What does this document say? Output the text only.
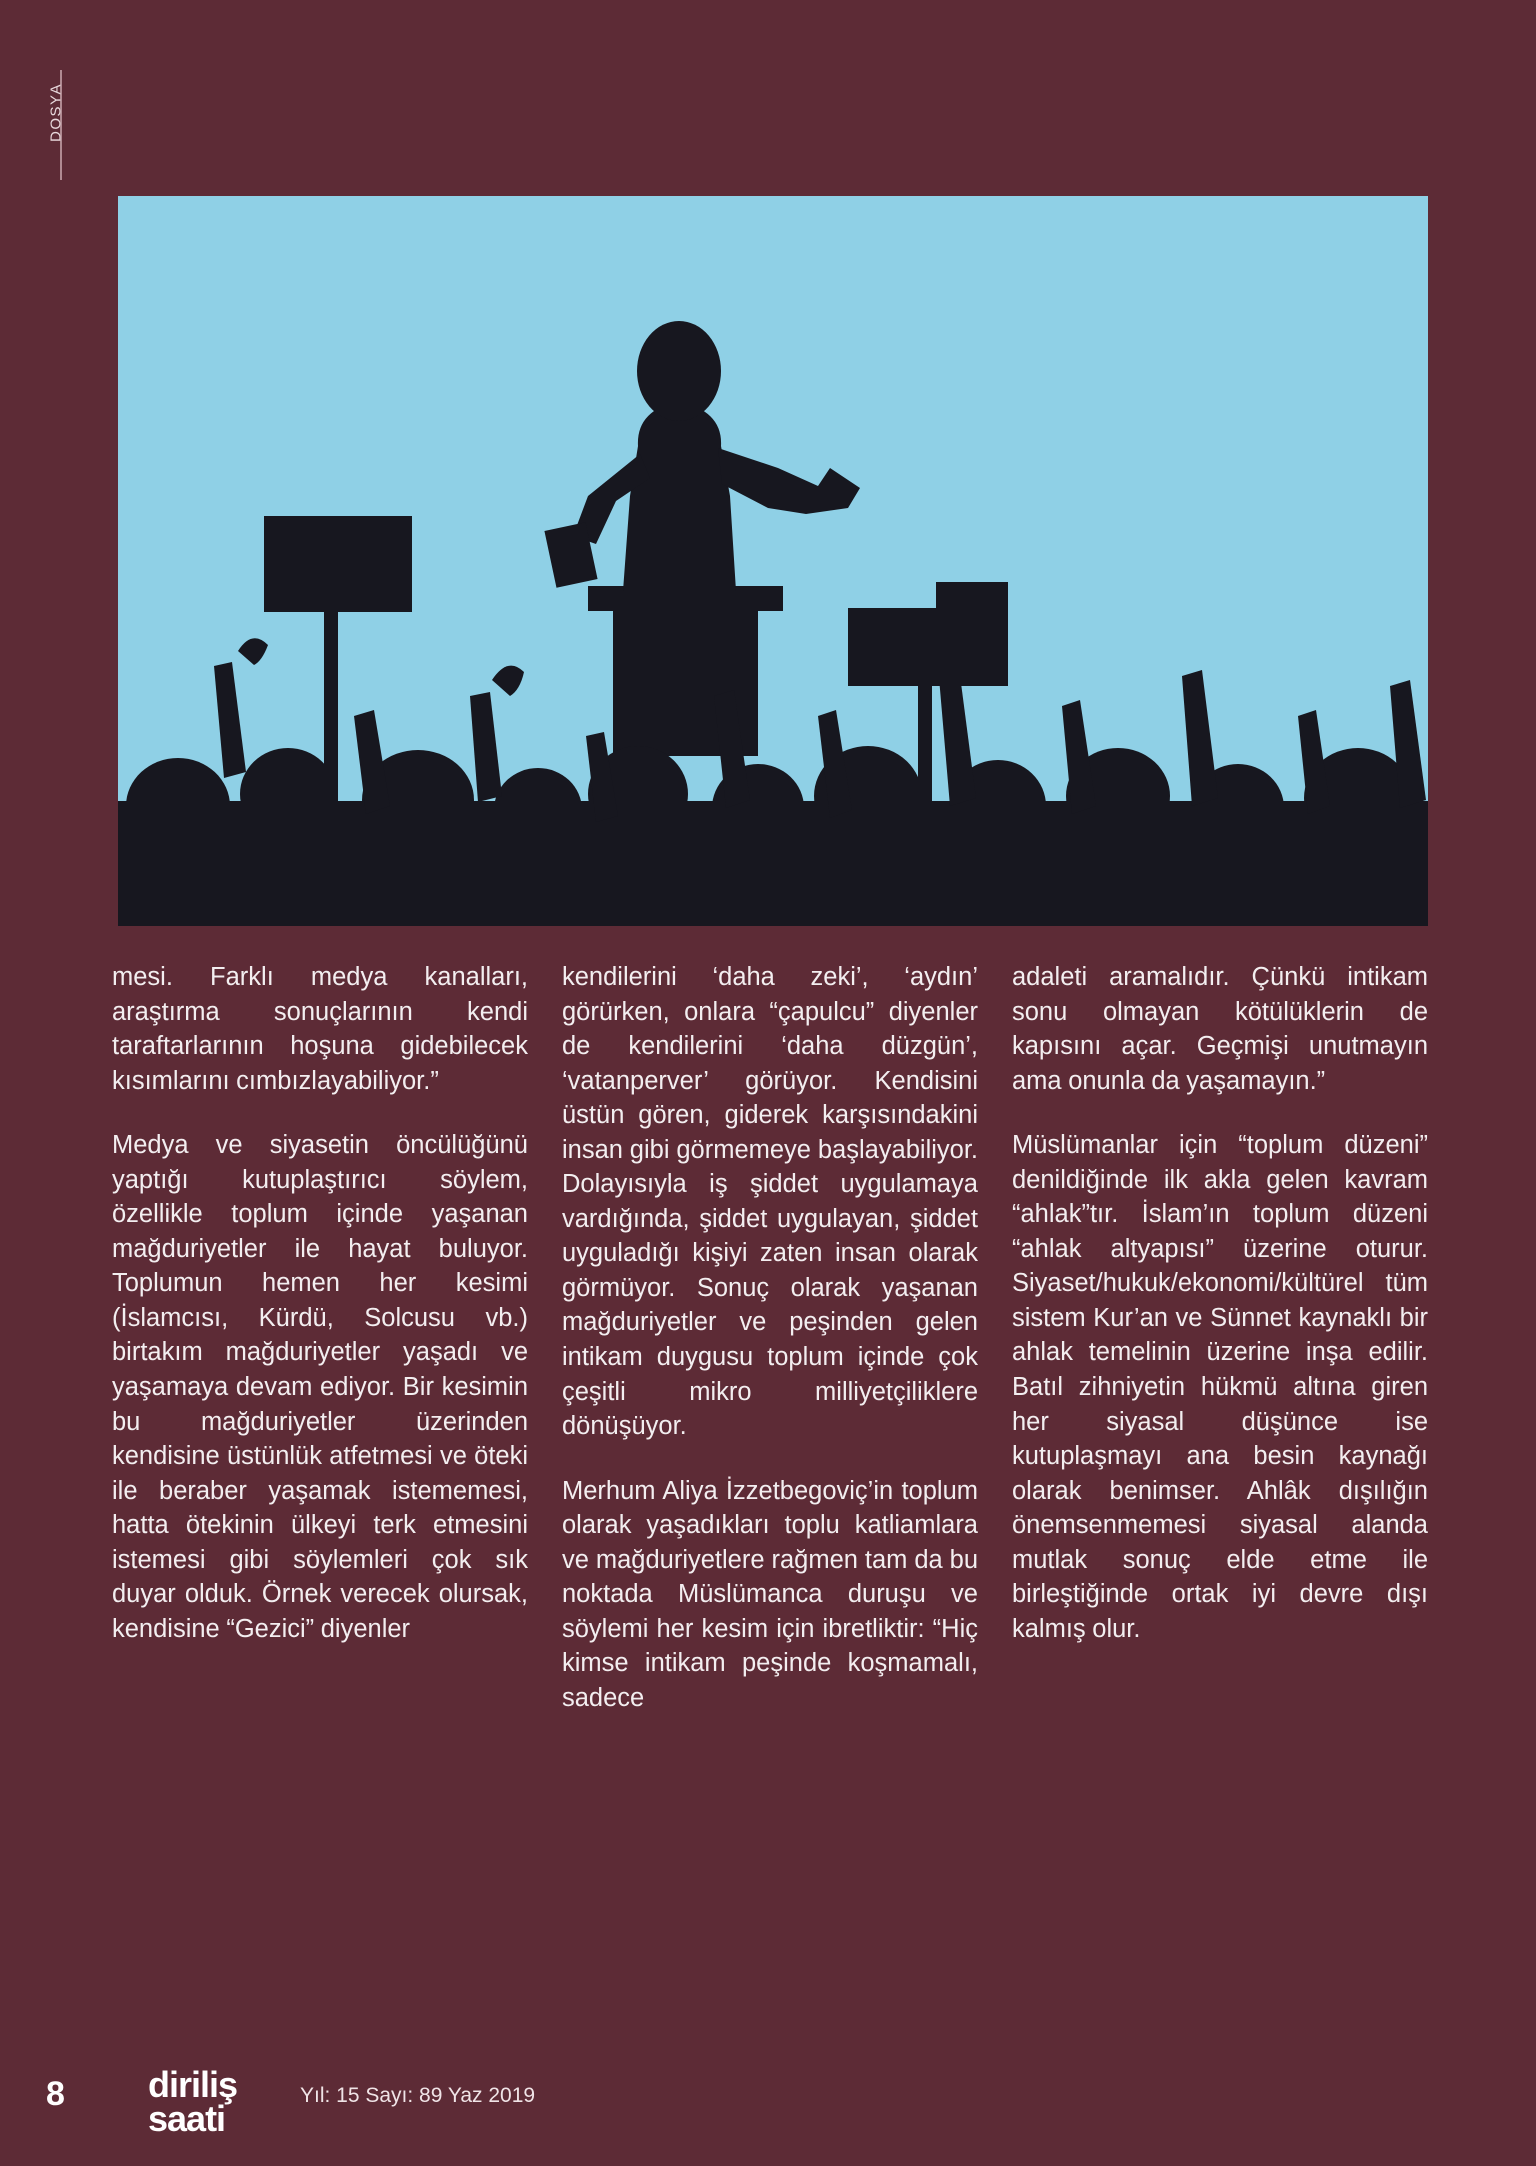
DOSYA

mesi. Farklı medya kanalları, araştırma sonuçlarının kendi taraftarlarının hoşuna gidebilecek kısımlarını cımbızlayabiliyor.”

Medya ve siyasetin öncülüğünü yaptığı kutuplaştırıcı söylem, özellikle toplum içinde yaşanan mağduriyetler ile hayat buluyor. Toplumun hemen her kesimi (İslamcısı, Kürdü, Solcusu vb.) birtakım mağduriyetler yaşadı ve yaşamaya devam ediyor. Bir kesimin bu mağduriyetler üzerinden kendisine üstünlük atfetmesi ve öteki ile beraber yaşamak istememesi, hatta ötekinin ülkeyi terk etmesini istemesi gibi söylemleri çok sık duyar olduk. Örnek verecek olursak, kendisine “Gezici” diyenler

kendilerini ‘daha zeki’, ‘aydın’ görürken, onlara “çapulcu” diyenler de kendilerini ‘daha düzgün’, ‘vatanperver’ görüyor. Kendisini üstün gören, giderek karşısındakini insan gibi görmemeye başlayabiliyor. Dolayısıyla iş şiddet uygulamaya vardığında, şiddet uygulayan, şiddet uyguladığı kişiyi zaten insan olarak görmüyor. Sonuç olarak yaşanan mağduriyetler ve peşinden gelen intikam duygusu toplum içinde çok çeşitli mikro milliyetçiliklere dönüşüyor.

Merhum Aliya İzzetbegoviç’in toplum olarak yaşadıkları toplu katliamlara ve mağduriyetlere rağmen tam da bu noktada Müslümanca duruşu ve söylemi her kesim için ibretliktir: “Hiç kimse intikam peşinde koşmamalı, sadece

adaleti aramalıdır. Çünkü intikam sonu olmayan kötülüklerin de kapısını açar. Geçmişi unutmayın ama onunla da yaşamayın.”

Müslümanlar için “toplum düzeni” denildiğinde ilk akla gelen kavram “ahlak”tır. İslam’ın toplum düzeni “ahlak altyapısı” üzerine oturur. Siyaset/hukuk/ekonomi/kültürel tüm sistem Kur’an ve Sünnet kaynaklı bir ahlak temelinin üzerine inşa edilir. Batıl zihniyetin hükmü altına giren her siyasal düşünce ise kutuplaşmayı ana besin kaynağı olarak benimser. Ahlâk dışılığın önemsenmemesi siyasal alanda mutlak sonuç elde etme ile birleştiğinde ortak iyi devre dışı kalmış olur.

8 diriliş
saati
Yıl: 15 Sayı: 89 Yaz 2019
